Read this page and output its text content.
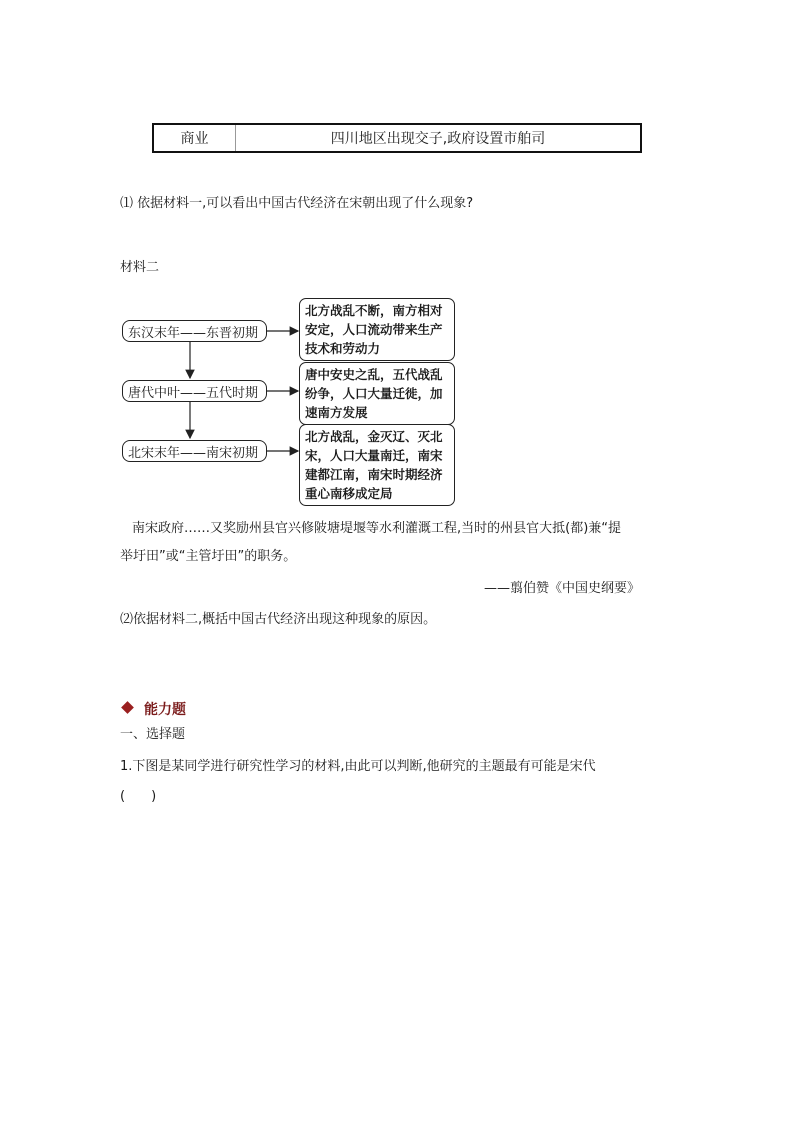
商业	四川地区出现交子,政府设置市舶司
⑴ 依据材料一,可以看出中国古代经济在宋朝出现了什么现象?
材料二
东汉末年——东晋初期
唐代中叶——五代时期
北宋末年——南宋初期
北方战乱不断，南方相对
安定，人口流动带来生产
技术和劳动力
唐中安史之乱，五代战乱
纷争，人口大量迁徙，加
速南方发展
北方战乱，金灭辽、灭北
宋，人口大量南迁，南宋
建都江南，南宋时期经济
重心南移成定局
南宋政府……又奖励州县官兴修陂塘堤堰等水利灌溉工程,当时的州县官大抵(都)兼“提
举圩田”或“主管圩田”的职务。
——翦伯赞《中国史纲要》
⑵依据材料二,概括中国古代经济出现这种现象的原因。
能力题
一、选择题
1.下图是某同学进行研究性学习的材料,由此可以判断,他研究的主题最有可能是宋代
(　　)
